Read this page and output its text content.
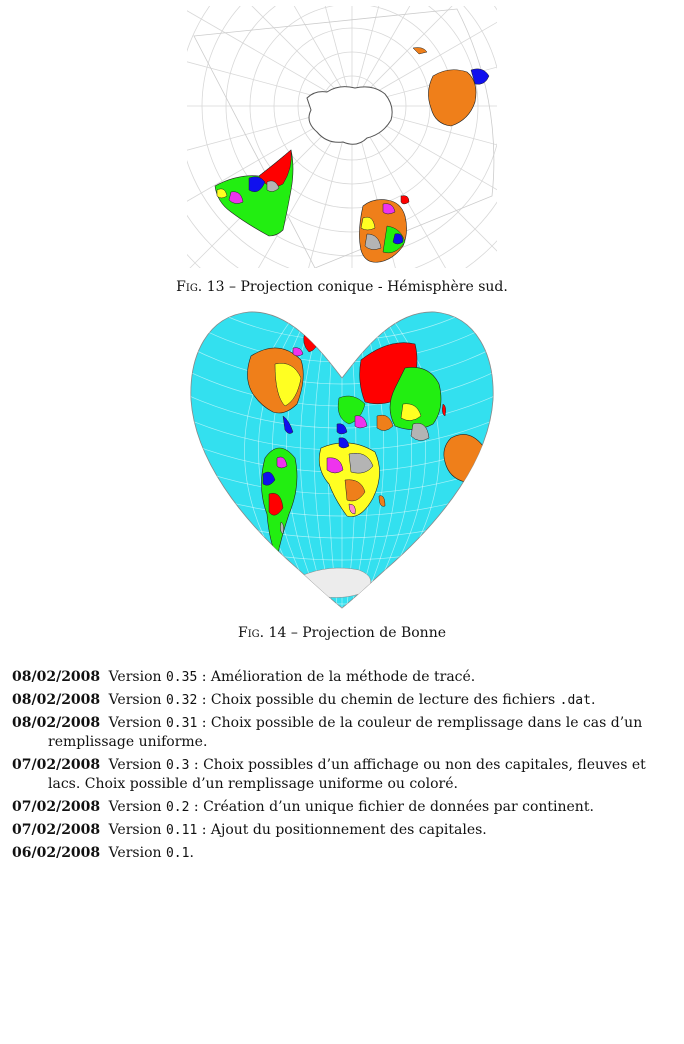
Fig. 13 – Projection conique - Hémisphère sud.
Fig. 14 – Projection de Bonne
08/02/2008 Version 0.35 : Amélioration de la méthode de tracé.
08/02/2008 Version 0.32 : Choix possible du chemin de lecture des fichiers .dat.
08/02/2008 Version 0.31 : Choix possible de la couleur de remplissage dans le cas d’un remplissage uniforme.
07/02/2008 Version 0.3 : Choix possibles d’un affichage ou non des capitales, fleuves et lacs. Choix possible d’un remplissage uniforme ou coloré.
07/02/2008 Version 0.2 : Création d’un unique fichier de données par continent.
07/02/2008 Version 0.11 : Ajout du positionnement des capitales.
06/02/2008 Version 0.1.
